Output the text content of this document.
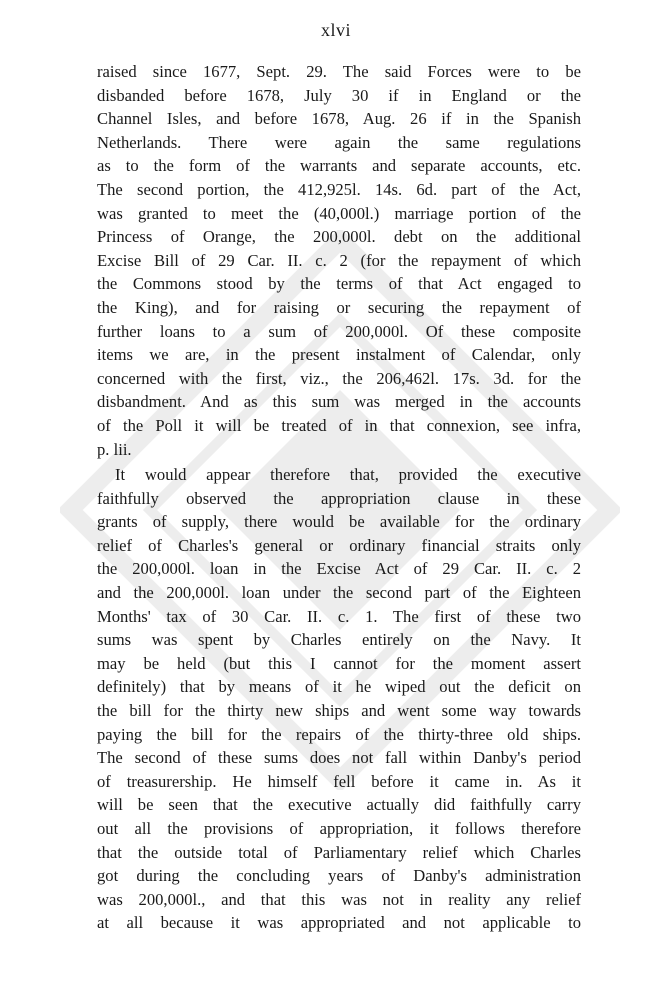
xlvi
raised since 1677, Sept. 29. The said Forces were to be
disbanded before 1678, July 30 if in England or the
Channel Isles, and before 1678, Aug. 26 if in the Spanish
Netherlands. There were again the same regulations
as to the form of the warrants and separate accounts, etc.
The second portion, the 412,925l. 14s. 6d. part of the Act,
was granted to meet the (40,000l.) marriage portion of the
Princess of Orange, the 200,000l. debt on the additional
Excise Bill of 29 Car. II. c. 2 (for the repayment of which
the Commons stood by the terms of that Act engaged to
the King), and for raising or securing the repayment of
further loans to a sum of 200,000l. Of these composite
items we are, in the present instalment of Calendar, only
concerned with the first, viz., the 206,462l. 17s. 3d. for the
disbandment. And as this sum was merged in the accounts
of the Poll it will be treated of in that connexion, see infra,
p. lii.
It would appear therefore that, provided the executive
faithfully observed the appropriation clause in these
grants of supply, there would be available for the ordinary
relief of Charles's general or ordinary financial straits only
the 200,000l. loan in the Excise Act of 29 Car. II. c. 2
and the 200,000l. loan under the second part of the Eighteen
Months' tax of 30 Car. II. c. 1. The first of these two
sums was spent by Charles entirely on the Navy. It
may be held (but this I cannot for the moment assert
definitely) that by means of it he wiped out the deficit on
the bill for the thirty new ships and went some way towards
paying the bill for the repairs of the thirty-three old ships.
The second of these sums does not fall within Danby's period
of treasurership. He himself fell before it came in. As it
will be seen that the executive actually did faithfully carry
out all the provisions of appropriation, it follows therefore
that the outside total of Parliamentary relief which Charles
got during the concluding years of Danby's administration
was 200,000l., and that this was not in reality any relief
at all because it was appropriated and not applicable to
